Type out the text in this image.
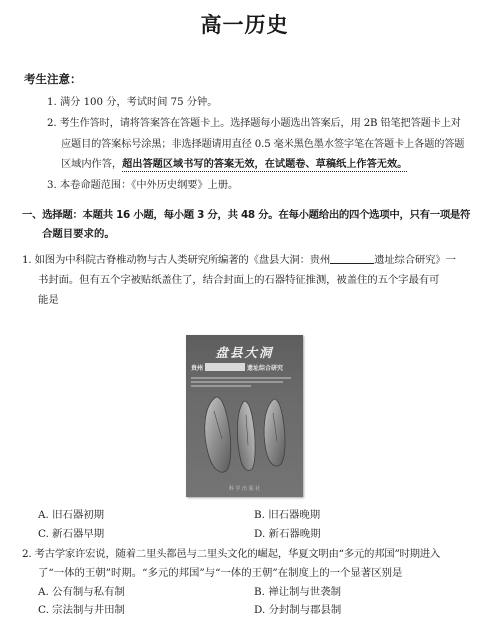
高一历史
考生注意：
1. 满分 100 分，考试时间 75 分钟。
2. 考生作答时，请将答案答在答题卡上。选择题每小题选出答案后，用 2B 铅笔把答题卡上对
应题目的答案标号涂黑；非选择题请用直径 0.5 毫米黑色墨水签字笔在答题卡上各题的答题
区域内作答，超出答题区域书写的答案无效，在试题卷、草稿纸上作答无效。
3. 本卷命题范围：《中外历史纲要》上册。
一、选择题：本题共 16 小题，每小题 3 分，共 48 分。在每小题给出的四个选项中，只有一项是符
合题目要求的。
1. 如图为中科院古脊椎动物与古人类研究所编著的《盘县大洞：贵州	遗址综合研究》一
书封面。但有五个字被贴纸盖住了，结合封面上的石器特征推测，被盖住的五个字最有可
能是
盘县大洞
贵州	遗址综合研究
科 学 出 版 社
A. 旧石器初期	B. 旧石器晚期
C. 新石器早期	D. 新石器晚期
2. 考古学家许宏说，随着二里头都邑与二里头文化的崛起，华夏文明由“多元的邦国”时期进入
了“一体的王朝”时期。“多元的邦国”与“一体的王朝”在制度上的一个显著区别是
A. 公有制与私有制	B. 禅让制与世袭制
C. 宗法制与井田制	D. 分封制与郡县制
